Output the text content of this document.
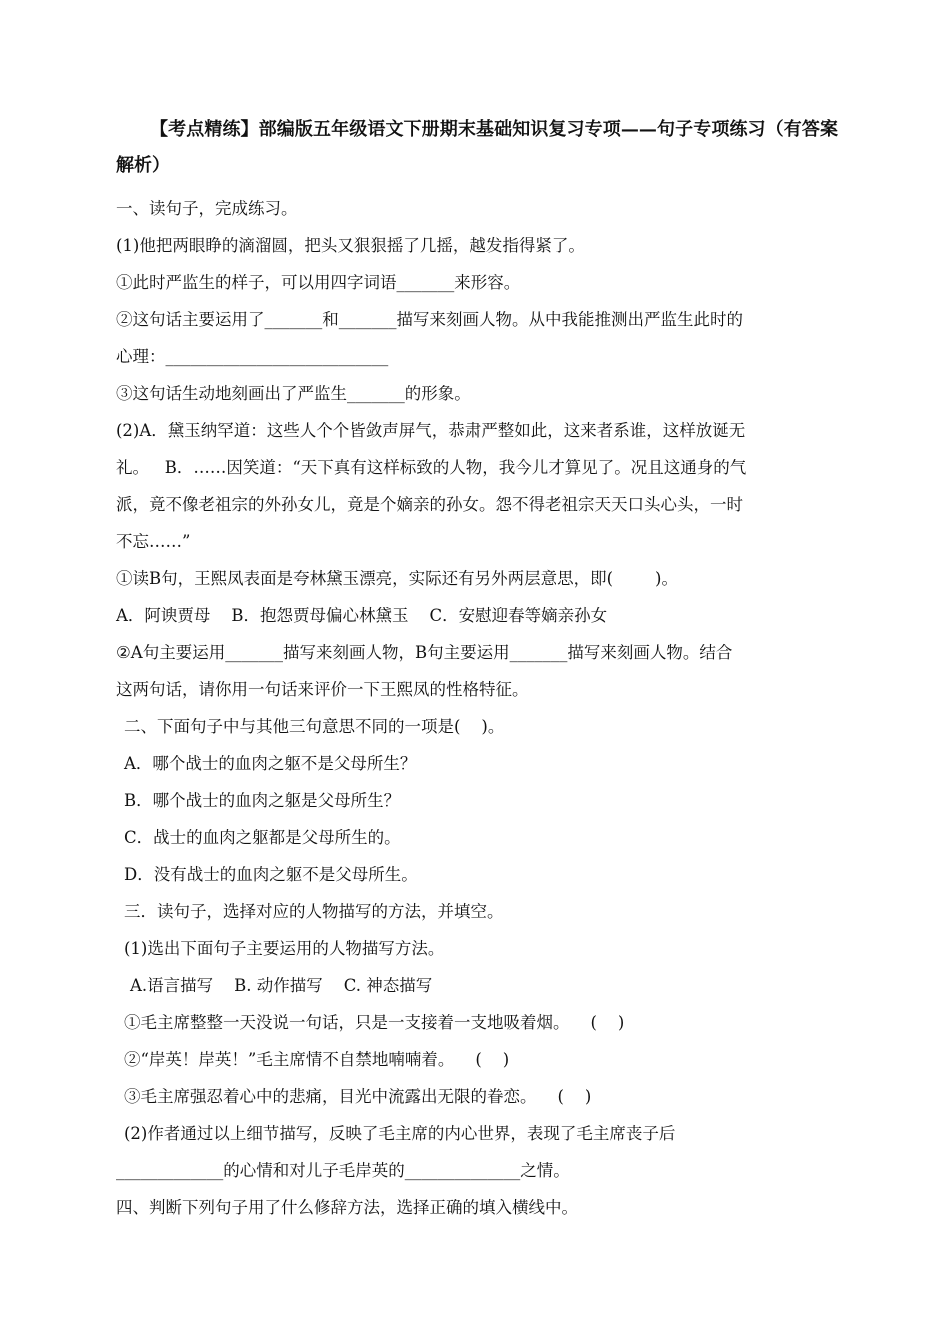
【考点精练】部编版五年级语文下册期末基础知识复习专项——句子专项练习（有答案解析）

一、读句子，完成练习。

(1)他把两眼睁的滴溜圆，把头又狠狠摇了几摇，越发指得紧了。

①此时严监生的样子，可以用四字词语_______来形容。

②这句话主要运用了_______和_______描写来刻画人物。从中我能推测出严监生此时的

心理：___________________________

③这句话生动地刻画出了严监生_______的形象。

(2)A．黛玉纳罕道：这些人个个皆敛声屏气，恭肃严整如此，这来者系谁，这样放诞无

礼。   B．……因笑道：“天下真有这样标致的人物，我今儿才算见了。况且这通身的气

派，竟不像老祖宗的外孙女儿，竟是个嫡亲的孙女。怨不得老祖宗天天口头心头，一时

不忘……”

①读B句，王熙凤表面是夸林黛玉漂亮，实际还有另外两层意思，即(        )。

A．阿谀贾母    B．抱怨贾母偏心林黛玉    C．安慰迎春等嫡亲孙女

②A句主要运用_______描写来刻画人物，B句主要运用_______描写来刻画人物。结合

这两句话，请你用一句话来评价一下王熙凤的性格特征。

二、下面句子中与其他三句意思不同的一项是(    )。

A．哪个战士的血肉之躯不是父母所生？

B．哪个战士的血肉之躯是父母所生？

C．战士的血肉之躯都是父母所生的。

D．没有战士的血肉之躯不是父母所生。

三．读句子，选择对应的人物描写的方法，并填空。

(1)选出下面句子主要运用的人物描写方法。

A.语言描写    B. 动作描写    C. 神态描写

①毛主席整整一天没说一句话，只是一支接着一支地吸着烟。    (    )

②“岸英！岸英！”毛主席情不自禁地喃喃着。    (    )

③毛主席强忍着心中的悲痛，目光中流露出无限的眷恋。    (    )

(2)作者通过以上细节描写，反映了毛主席的内心世界，表现了毛主席丧子后

_____________的心情和对儿子毛岸英的______________之情。

四、判断下列句子用了什么修辞方法，选择正确的填入横线中。
